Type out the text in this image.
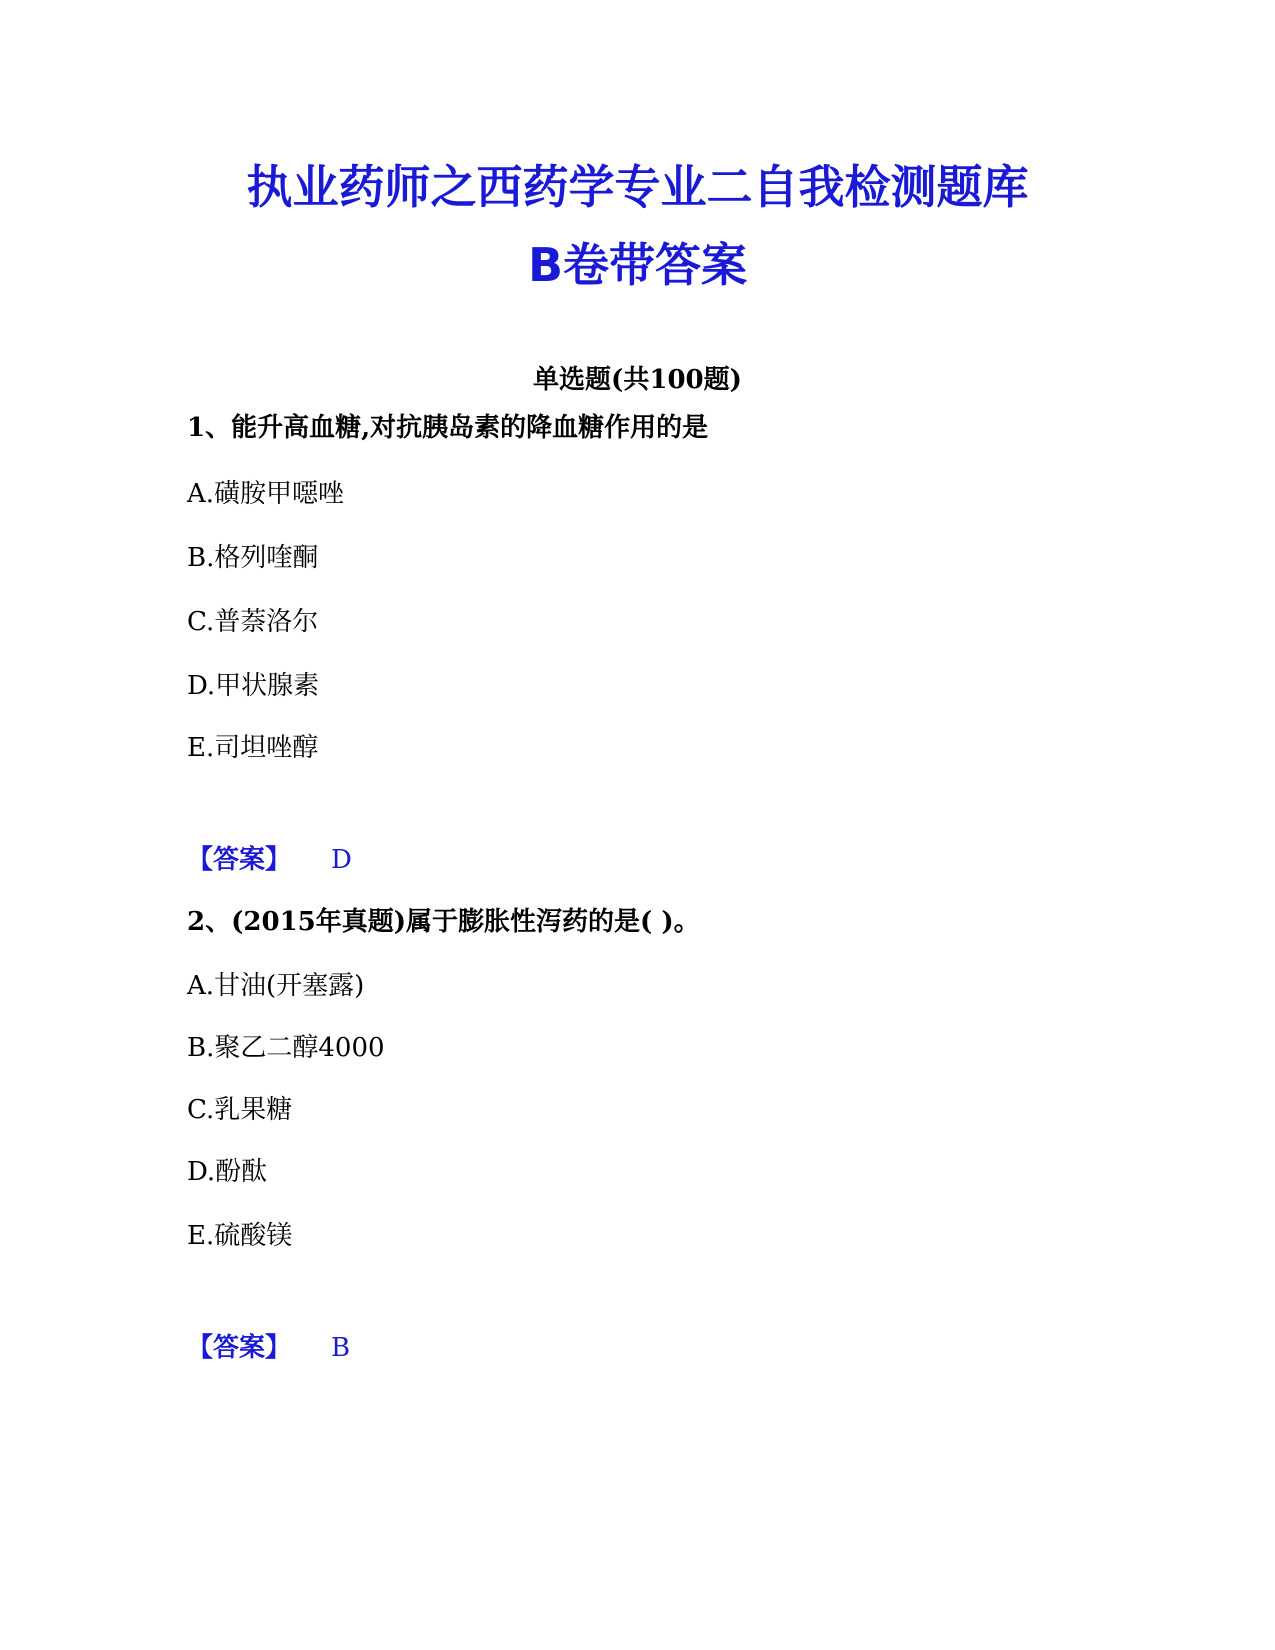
执业药师之西药学专业二自我检测题库
B卷带答案
单选题(共100题)
1、能升高血糖,对抗胰岛素的降血糖作用的是
A.磺胺甲噁唑
B.格列喹酮
C.普萘洛尔
D.甲状腺素
E.司坦唑醇
【答案】 D
2、(2015年真题)属于膨胀性泻药的是( )。
A.甘油(开塞露)
B.聚乙二醇4000
C.乳果糖
D.酚酞
E.硫酸镁
【答案】 B
